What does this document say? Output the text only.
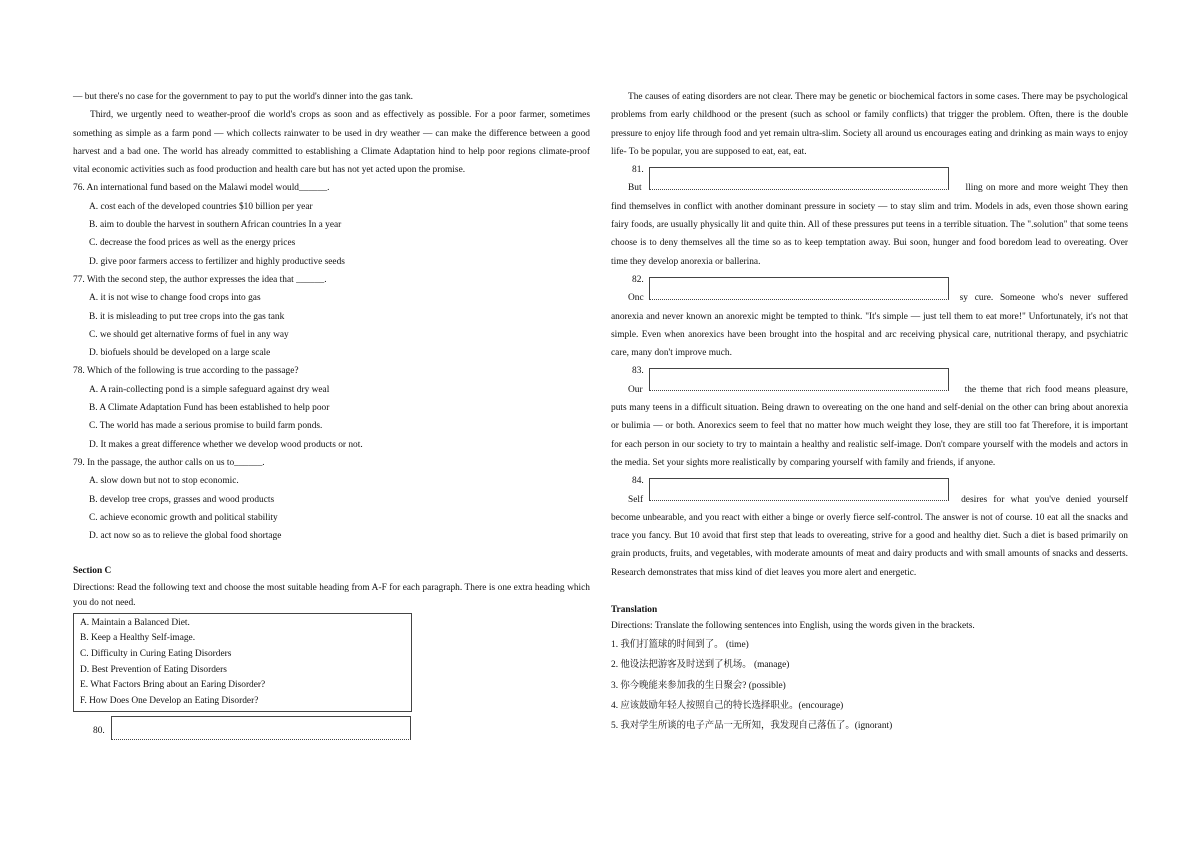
— but there's no case for the government to pay to put the world's dinner into the gas tank.

Third, we urgently need to weather-proof die world's crops as soon and as effectively as possible. For a poor farmer, sometimes something as simple as a farm pond — which collects rainwater to be used in dry weather — can make the difference between a good harvest and a bad one. The world has already committed to establishing a Climate Adaptation hind to help poor regions climate-proof vital economic activities such as food production and health care but has not yet acted upon the promise.

76. An international fund based on the Malawi model would______.

A. cost each of the developed countries $10 billion per year

B. aim to double the harvest in southern African countries In a year

C. decrease the food prices as well as the energy prices

D. give poor farmers access to fertilizer and highly productive seeds

77. With the second step, the author expresses the idea that ______.

A. it is not wise to change food crops into gas

B. it is misleading to put tree crops into the gas tank

C. we should get alternative forms of fuel in any way

D. biofuels should be developed on a large scale

78. Which of the following is true according to the passage?

A. A rain-collecting pond is a simple safeguard against dry weal

B. A Climate Adaptation Fund has been established to help poor

C. The world has made a serious promise to build farm ponds.

D. It makes a great difference whether we develop wood products or not.

79. In the passage, the author calls on us to______.

A. slow down but not to stop economic.

B. develop tree crops, grasses and wood products

C. achieve economic growth and political stability

D. act now so as to relieve the global food shortage

Section C

Directions: Read the following text and choose the most suitable heading from A-F for each paragraph. There is one extra heading which you do not need.

A. Maintain a Balanced Diet.

B. Keep a Healthy Self-image.

C. Difficulty in Curing Eating Disorders

D. Best Prevention of Eating Disorders

E. What Factors Bring about an Earing Disorder?

F. How Does One Develop an Eating Disorder?

80.

The causes of eating disorders are not clear. There may be genetic or biochemical factors in some cases. There may be psychological problems from early childhood or the present (such as school or family conflicts) that trigger the problem. Often, there is the double pressure to enjoy life through food and yet remain ultra-slim. Society all around us encourages eating and drinking as main ways to enjoy life- To be popular, you are supposed to eat, eat, eat.

81.

But	lling on more and more weight They then find themselves in conflict with another dominant pressure in society — to stay slim and trim. Models in ads, even those shown earing fairy foods, are usually physically lit and quite thin. All of these pressures put teens in a terrible situation. The ".solution" that some teens choose is to deny themselves all the time so as to keep temptation away. Bui soon, hunger and food boredom lead to overeating. Over time they develop anorexia or ballerina.

82.

Onc	sy cure. Someone who's never suffered anorexia and never known an anorexic might be tempted to think. "It's simple — just tell them to eat more!" Unfortunately, it's not that simple. Even when anorexics have been brought into the hospital and arc receiving physical care, nutritional therapy, and psychiatric care, many don't improve much.

83.

Our	the theme that rich food means pleasure, puts many teens in a difficult situation. Being drawn to overeating on the one hand and self-denial on the other can bring about anorexia or bulimia — or both. Anorexics seem to feel that no matter how much weight they lose, they are still too fat Therefore, it is important for each person in our society to try to maintain a healthy and realistic self-image. Don't compare yourself with the models and actors in the media. Set your sights more realistically by comparing yourself with family and friends, if anyone.

84.

Self	desires for what you've denied yourself become unbearable, and you react with either a binge or overly fierce self-control. The answer is not of course. 10 eat all the snacks and trace you fancy. But 10 avoid that first step that leads to overeating, strive for a good and healthy diet. Such a diet is based primarily on grain products, fruits, and vegetables, with moderate amounts of meat and dairy products and with small amounts of snacks and desserts. Research demonstrates that miss kind of diet leaves you more alert and energetic.

Translation

Directions: Translate the following sentences into English, using the words given in the brackets.

1. 我们打篮球的时间到了。 (time)

2. 他设法把游客及时送到了机场。 (manage)

3. 你今晚能来参加我的生日聚会? (possible)

4. 应该鼓励年轻人按照自己的特长选择职业。(encourage)

5. 我对学生所谈的电子产品一无所知，我发现自己落伍了。(ignorant)
